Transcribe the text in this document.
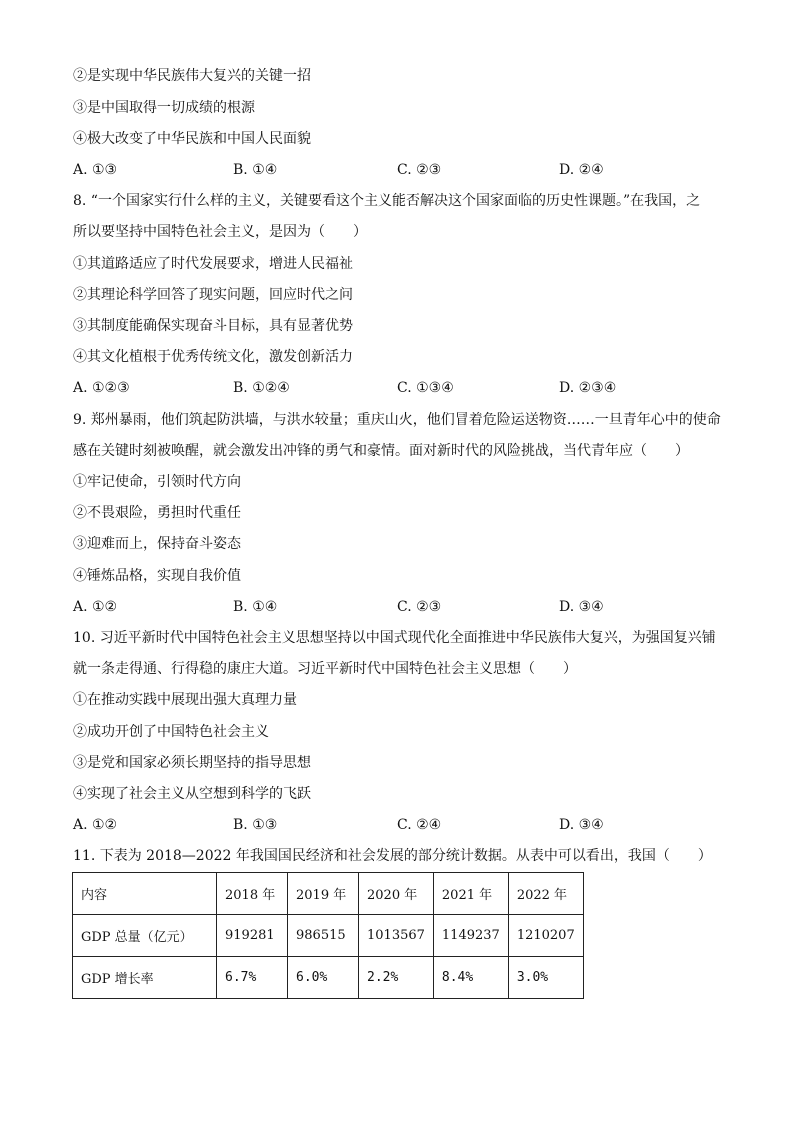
②是实现中华民族伟大复兴的关键一招
③是中国取得一切成绩的根源
④极大改变了中华民族和中国人民面貌
A. ①③	B. ①④	C. ②③	D. ②④
8. “一个国家实行什么样的主义，关键要看这个主义能否解决这个国家面临的历史性课题。”在我国，之
所以要坚持中国特色社会主义，是因为（　　）
①其道路适应了时代发展要求，增进人民福祉
②其理论科学回答了现实问题，回应时代之问
③其制度能确保实现奋斗目标，具有显著优势
④其文化植根于优秀传统文化，激发创新活力
A. ①②③	B. ①②④	C. ①③④	D. ②③④
9. 郑州暴雨，他们筑起防洪墙，与洪水较量；重庆山火，他们冒着危险运送物资……一旦青年心中的使命
感在关键时刻被唤醒，就会激发出冲锋的勇气和豪情。面对新时代的风险挑战，当代青年应（　　）
①牢记使命，引领时代方向
②不畏艰险，勇担时代重任
③迎难而上，保持奋斗姿态
④锤炼品格，实现自我价值
A. ①②	B. ①④	C. ②③	D. ③④
10. 习近平新时代中国特色社会主义思想坚持以中国式现代化全面推进中华民族伟大复兴，为强国复兴铺
就一条走得通、行得稳的康庄大道。习近平新时代中国特色社会主义思想（　　）
①在推动实践中展现出强大真理力量
②成功开创了中国特色社会主义
③是党和国家必须长期坚持的指导思想
④实现了社会主义从空想到科学的飞跃
A. ①②	B. ①③	C. ②④	D. ③④
11. 下表为 2018—2022 年我国国民经济和社会发展的部分统计数据。从表中可以看出，我国（　　）
内容	2018 年	2019 年	2020 年	2021 年	2022 年
GDP 总量（亿元）	919281	986515	1013567	1149237	1210207
GDP 增长率	6.7%	6.0%	2.2%	8.4%	3.0%
